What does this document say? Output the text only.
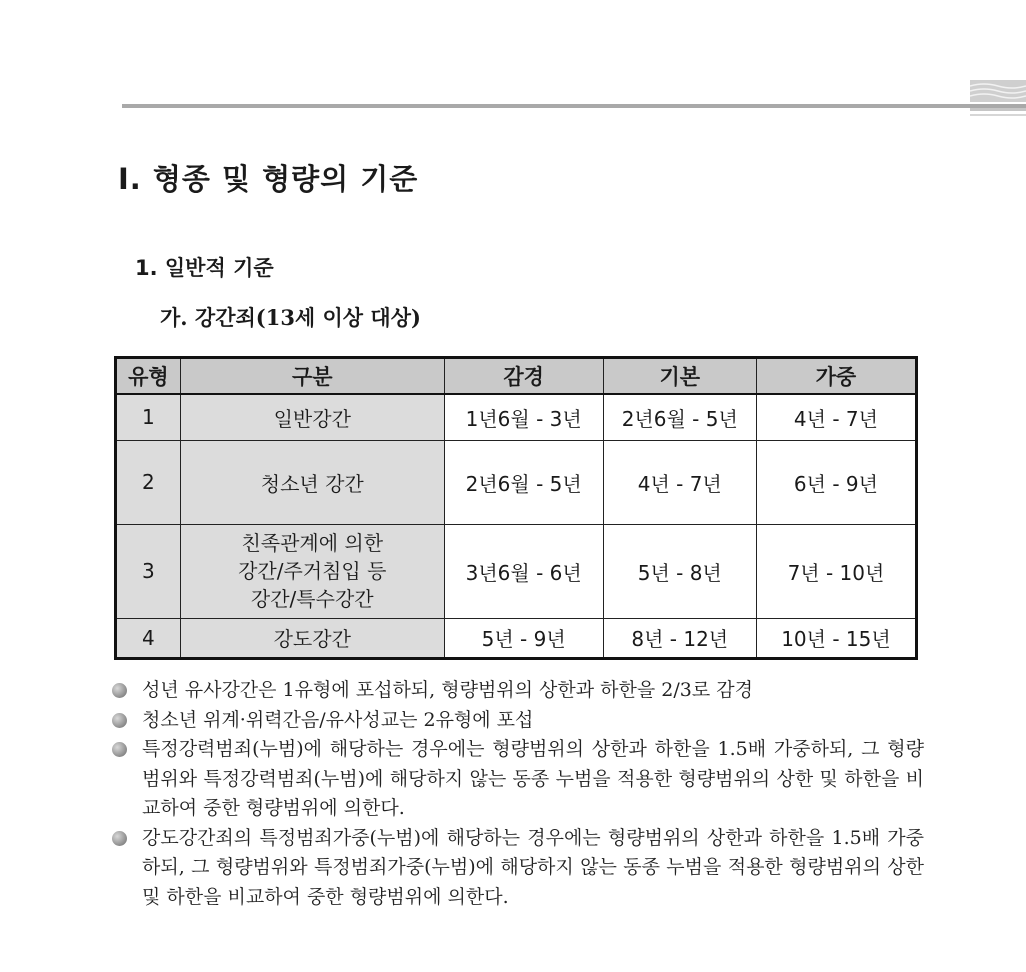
Ⅰ. 형종 및 형량의 기준
1. 일반적 기준
가. 강간죄(13세 이상 대상)
유형	구분	감경	기본	가중
1	일반강간	1년6월 - 3년	2년6월 - 5년	4년 - 7년
2	청소년 강간	2년6월 - 5년	4년 - 7년	6년 - 9년
3	친족관계에 의한
강간/주거침입 등
강간/특수강간	3년6월 - 6년	5년 - 8년	7년 - 10년
4	강도강간	5년 - 9년	8년 - 12년	10년 - 15년
성년 유사강간은 1유형에 포섭하되, 형량범위의 상한과 하한을 2/3로 감경
청소년 위계·위력간음/유사성교는 2유형에 포섭
특정강력범죄(누범)에 해당하는 경우에는 형량범위의 상한과 하한을 1.5배 가중하되, 그 형량범위와 특정강력범죄(누범)에 해당하지 않는 동종 누범을 적용한 형량범위의 상한 및 하한을 비교하여 중한 형량범위에 의한다.
강도강간죄의 특정범죄가중(누범)에 해당하는 경우에는 형량범위의 상한과 하한을 1.5배 가중하되, 그 형량범위와 특정범죄가중(누범)에 해당하지 않는 동종 누범을 적용한 형량범위의 상한 및 하한을 비교하여 중한 형량범위에 의한다.
